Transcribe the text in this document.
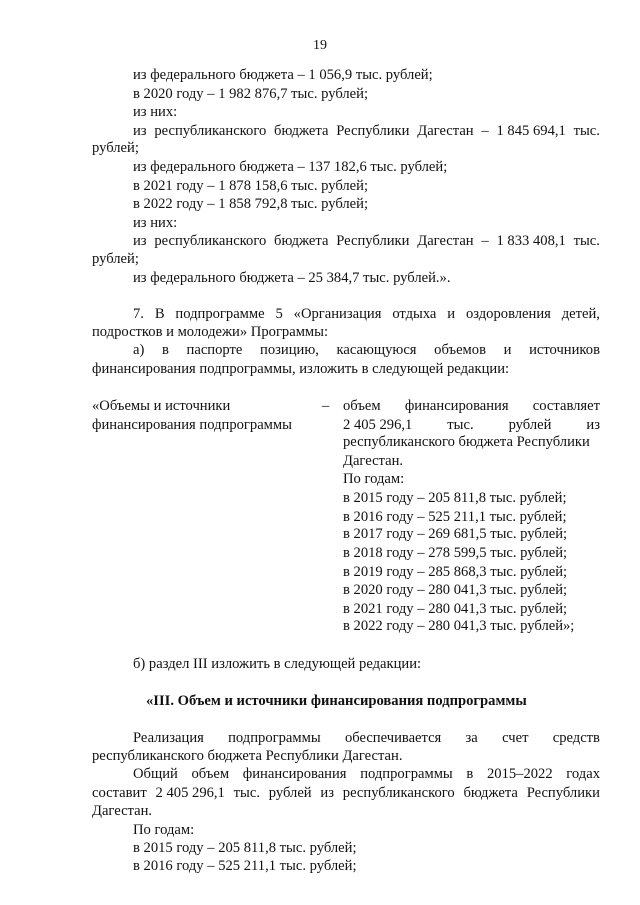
19
из федерального бюджета – 1 056,9 тыс. рублей;
в 2020 году – 1 982 876,7 тыс. рублей;
из них:
из республиканского бюджета Республики Дагестан – 1 845 694,1 тыс.
рублей;
из федерального бюджета – 137 182,6 тыс. рублей;
в 2021 году – 1 878 158,6 тыс. рублей;
в 2022 году – 1 858 792,8 тыс. рублей;
из них:
из республиканского бюджета Республики Дагестан – 1 833 408,1 тыс.
рублей;
из федерального бюджета – 25 384,7 тыс. рублей.».
7. В подпрограмме 5 «Организация отдыха и оздоровления детей,
подростков и молодежи» Программы:
а) в паспорте позицию, касающуюся объемов и источников
финансирования подпрограммы, изложить в следующей редакции:
«Объемы и источники
финансирования подпрограммы
– объем финансирования составляет
2 405 296,1 тыс. рублей из
республиканского бюджета Республики
Дагестан.
По годам:
в 2015 году – 205 811,8 тыс. рублей;
в 2016 году – 525 211,1 тыс. рублей;
в 2017 году – 269 681,5 тыс. рублей;
в 2018 году – 278 599,5 тыс. рублей;
в 2019 году – 285 868,3 тыс. рублей;
в 2020 году – 280 041,3 тыс. рублей;
в 2021 году – 280 041,3 тыс. рублей;
в 2022 году – 280 041,3 тыс. рублей»;
б) раздел III изложить в следующей редакции:
«III. Объем и источники финансирования подпрограммы
Реализация подпрограммы обеспечивается за счет средств
республиканского бюджета Республики Дагестан.
Общий объем финансирования подпрограммы в 2015–2022 годах
составит 2 405 296,1 тыс. рублей из республиканского бюджета Республики
Дагестан.
По годам:
в 2015 году – 205 811,8 тыс. рублей;
в 2016 году – 525 211,1 тыс. рублей;
